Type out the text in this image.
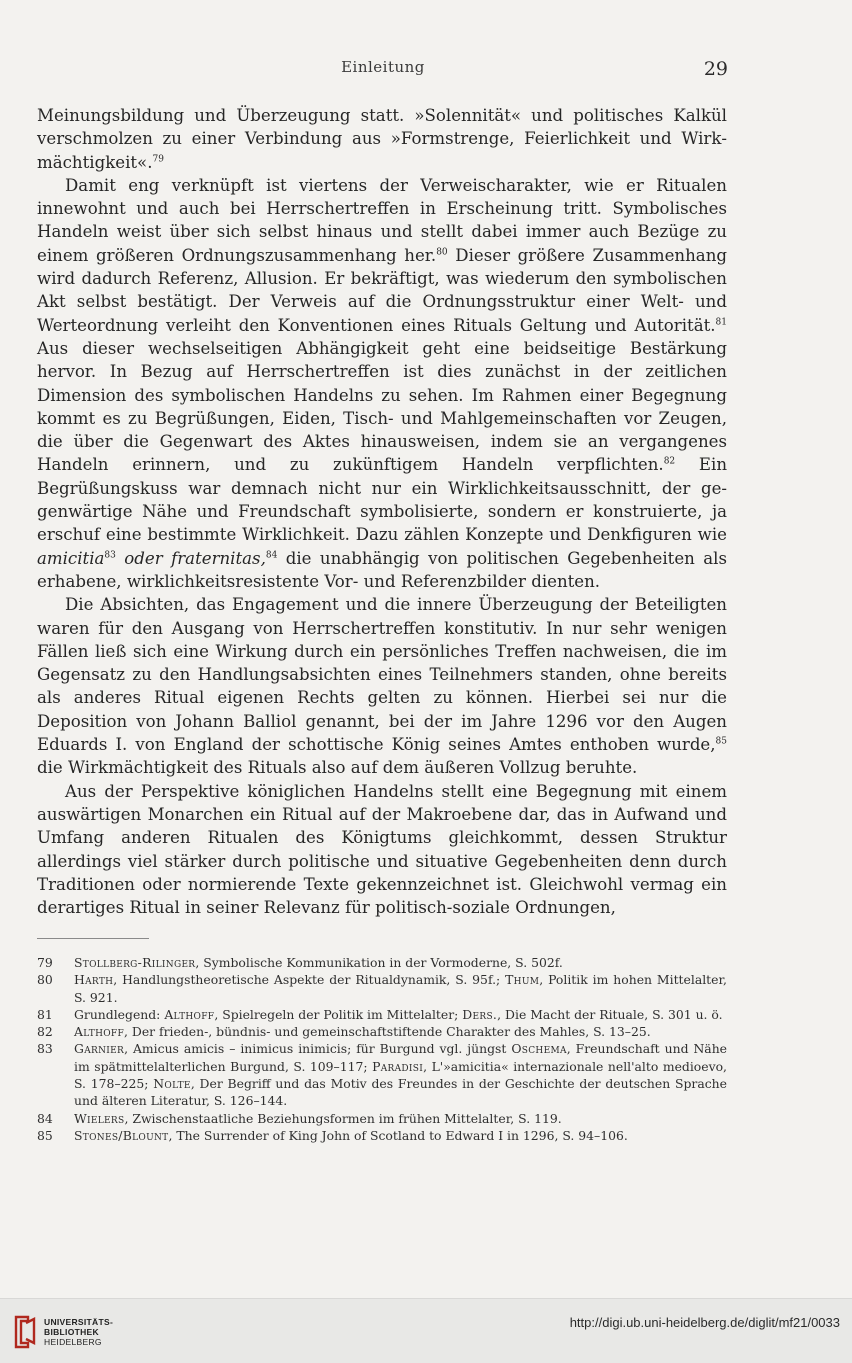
Einleitung	29

Meinungsbildung und Überzeugung statt. »Solennität« und politisches Kalkül verschmolzen zu einer Verbindung aus »Formstrenge, Feierlichkeit und Wirkmächtigkeit«.$^{79}$

Damit eng verknüpft ist viertens der Verweischarakter, wie er Ritualen innewohnt und auch bei Herrschertreffen in Erscheinung tritt. Symbolisches Handeln weist über sich selbst hinaus und stellt dabei immer auch Bezüge zu einem größeren Ordnungszusammenhang her.$^{80}$ Dieser größere Zusammenhang wird dadurch Referenz, Allusion. Er bekräftigt, was wiederum den symbolischen Akt selbst bestätigt. Der Verweis auf die Ordnungsstruktur einer Welt- und Werteordnung verleiht den Konventionen eines Rituals Geltung und Autorität.$^{81}$ Aus dieser wechselseitigen Abhängigkeit geht eine beidseitige Bestärkung hervor. In Bezug auf Herrschertreffen ist dies zunächst in der zeitlichen Dimension des symbolischen Handelns zu sehen. Im Rahmen einer Begegnung kommt es zu Begrüßungen, Eiden, Tisch- und Mahlgemeinschaften vor Zeugen, die über die Gegenwart des Aktes hinausweisen, indem sie an vergangenes Handeln erinnern, und zu zukünftigem Handeln verpflichten.$^{82}$ Ein Begrüßungskuss war demnach nicht nur ein Wirklichkeitsausschnitt, der gegenwärtige Nähe und Freundschaft symbolisierte, sondern er konstruierte, ja erschuf eine bestimmte Wirklichkeit. Dazu zählen Konzepte und Denkfiguren wie amicitia$^{83}$ oder fraternitas,$^{84}$ die unabhängig von politischen Gegebenheiten als erhabene, wirklichkeitsresistente Vor- und Referenzbilder dienten.

Die Absichten, das Engagement und die innere Überzeugung der Beteiligten waren für den Ausgang von Herrschertreffen konstitutiv. In nur sehr wenigen Fällen ließ sich eine Wirkung durch ein persönliches Treffen nachweisen, die im Gegensatz zu den Handlungsabsichten eines Teilnehmers standen, ohne bereits als anderes Ritual eigenen Rechts gelten zu können. Hierbei sei nur die Deposition von Johann Balliol genannt, bei der im Jahre 1296 vor den Augen Eduards I. von England der schottische König seines Amtes enthoben wurde,$^{85}$ die Wirkmächtigkeit des Rituals also auf dem äußeren Vollzug beruhte.

Aus der Perspektive königlichen Handelns stellt eine Begegnung mit einem auswärtigen Monarchen ein Ritual auf der Makroebene dar, das in Aufwand und Umfang anderen Ritualen des Königtums gleichkommt, dessen Struktur allerdings viel stärker durch politische und situative Gegebenheiten denn durch Traditionen oder normierende Texte gekennzeichnet ist. Gleichwohl vermag ein derartiges Ritual in seiner Relevanz für politisch-soziale Ordnungen,

79 Stollberg-Rilinger, Symbolische Kommunikation in der Vormoderne, S. 502f.
80 Harth, Handlungstheoretische Aspekte der Ritualdynamik, S. 95f.; Thum, Politik im hohen Mittelalter, S. 921.
81 Grundlegend: Althoff, Spielregeln der Politik im Mittelalter; Ders., Die Macht der Rituale, S. 301 u. ö.
82 Althoff, Der frieden-, bündnis- und gemeinschaftstiftende Charakter des Mahles, S. 13–25.
83 Garnier, Amicus amicis – inimicus inimicis; für Burgund vgl. jüngst Oschema, Freundschaft und Nähe im spätmittelalterlichen Burgund, S. 109–117; Paradisi, L'»amicitia« internazionale nell'alto medioevo, S. 178–225; Nolte, Der Begriff und das Motiv des Freundes in der Geschichte der deutschen Sprache und älteren Literatur, S. 126–144.
84 Wielers, Zwischenstaatliche Beziehungsformen im frühen Mittelalter, S. 119.
85 Stones/Blount, The Surrender of King John of Scotland to Edward I in 1296, S. 94–106.
UNIVERSITÄTS-
BIBLIOTHEK
HEIDELBERG
http://digi.ub.uni-heidelberg.de/diglit/mf21/0033
